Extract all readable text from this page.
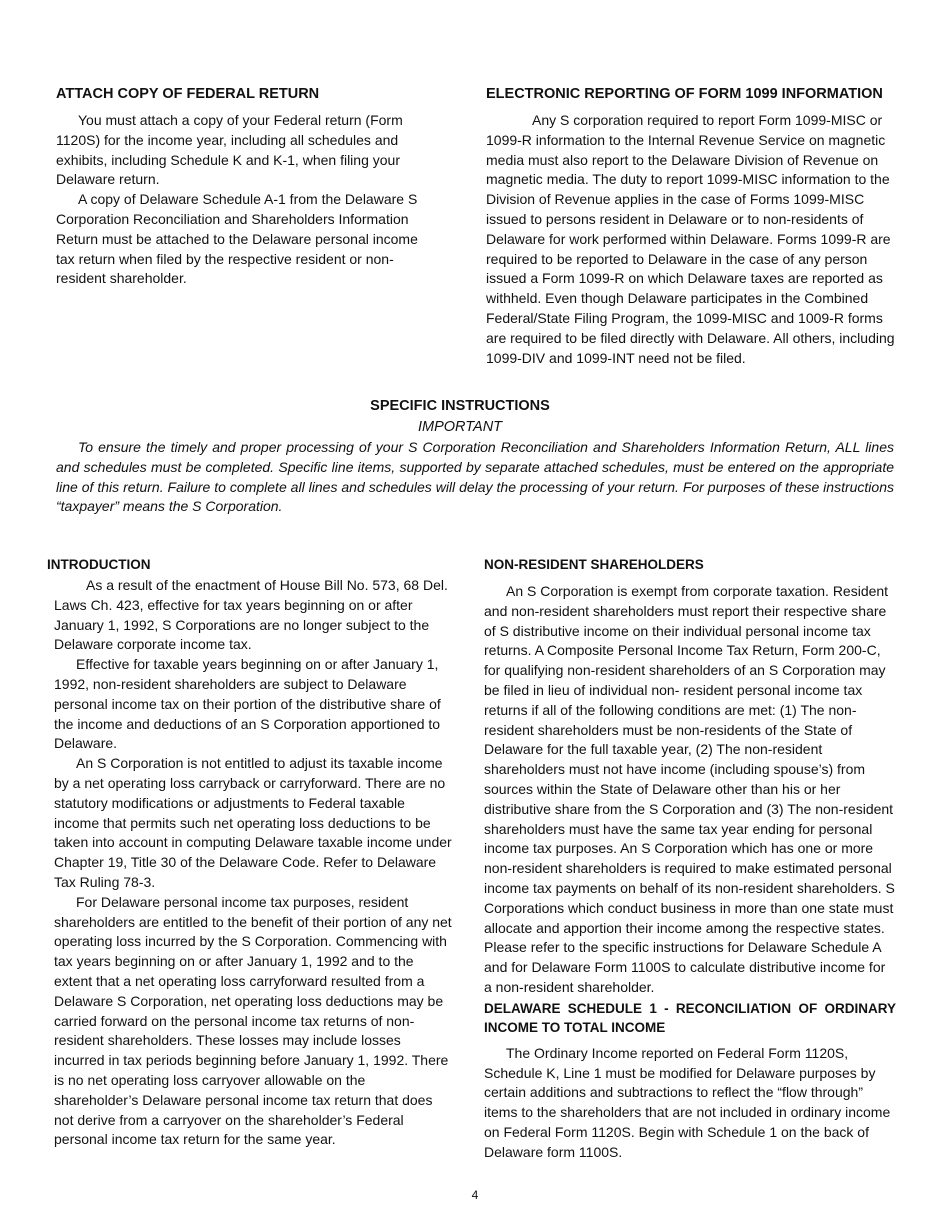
ATTACH COPY OF FEDERAL RETURN

You must attach a copy of your Federal return (Form 1120S) for the income year, including all schedules and exhibits, including Schedule K and K-1, when filing your Delaware return.

A copy of Delaware Schedule A-1 from the Delaware S Corporation Reconciliation and Shareholders Information Return must be attached to the Delaware personal income tax return when filed by the respective resident or non-resident shareholder.

ELECTRONIC REPORTING OF FORM 1099 INFORMATION

Any S corporation required to report Form 1099-MISC or 1099-R information to the Internal Revenue Service on magnetic media must also report to the Delaware Division of Revenue on magnetic media. The duty to report 1099-MISC information to the Division of Revenue applies in the case of Forms 1099-MISC issued to persons resident in Delaware or to non-residents of Delaware for work performed within Delaware. Forms 1099-R are required to be reported to Delaware in the case of any person issued a Form 1099-R on which Delaware taxes are reported as withheld. Even though Delaware participates in the Combined Federal/State Filing Program, the 1099-MISC and 1009-R forms are required to be filed directly with Delaware. All others, including 1099-DIV and 1099-INT need not be filed.

SPECIFIC INSTRUCTIONS
IMPORTANT

To ensure the timely and proper processing of your S Corporation Reconciliation and Shareholders Information Return, ALL lines and schedules must be completed. Specific line items, supported by separate attached schedules, must be entered on the appropriate line of this return. Failure to complete all lines and schedules will delay the processing of your return. For purposes of these instructions “taxpayer” means the S Corporation.

INTRODUCTION

As a result of the enactment of House Bill No. 573, 68 Del. Laws Ch. 423, effective for tax years beginning on or after January 1, 1992, S Corporations are no longer subject to the Delaware corporate income tax.

Effective for taxable years beginning on or after January 1, 1992, non-resident shareholders are subject to Delaware personal income tax on their portion of the distributive share of the income and deductions of an S Corporation apportioned to Delaware.

An S Corporation is not entitled to adjust its taxable income by a net operating loss carryback or carryforward. There are no statutory modifications or adjustments to Federal taxable income that permits such net operating loss deductions to be taken into account in computing Delaware taxable income under Chapter 19, Title 30 of the Delaware Code. Refer to Delaware Tax Ruling 78-3.

For Delaware personal income tax purposes, resident shareholders are entitled to the benefit of their portion of any net operating loss incurred by the S Corporation. Commencing with tax years beginning on or after January 1, 1992 and to the extent that a net operating loss carryforward resulted from a Delaware S Corporation, net operating loss deductions may be carried forward on the personal income tax returns of non-resident shareholders. These losses may include losses incurred in tax periods beginning before January 1, 1992. There is no net operating loss carryover allowable on the shareholder’s Delaware personal income tax return that does not derive from a carryover on the shareholder’s Federal personal income tax return for the same year.

NON-RESIDENT SHAREHOLDERS

An S Corporation is exempt from corporate taxation. Resident and non-resident shareholders must report their respective share of S distributive income on their individual personal income tax returns. A Composite Personal Income Tax Return, Form 200-C, for qualifying non-resident shareholders of an S Corporation may be filed in lieu of individual non- resident personal income tax returns if all of the following conditions are met: (1) The non-resident shareholders must be non-residents of the State of Delaware for the full taxable year, (2) The non-resident shareholders must not have income (including spouse’s) from sources within the State of Delaware other than his or her distributive share from the S Corporation and (3) The non-resident shareholders must have the same tax year ending for personal income tax purposes. An S Corporation which has one or more non-resident shareholders is required to make estimated personal income tax payments on behalf of its non-resident shareholders. S Corporations which conduct business in more than one state must allocate and apportion their income among the respective states. Please refer to the specific instructions for Delaware Schedule A and for Delaware Form 1100S to calculate distributive income for a non-resident shareholder.

DELAWARE SCHEDULE 1 - RECONCILIATION OF ORDINARY INCOME TO TOTAL INCOME

The Ordinary Income reported on Federal Form 1120S, Schedule K, Line 1 must be modified for Delaware purposes by certain additions and subtractions to reflect the “flow through” items to the shareholders that are not included in ordinary income on Federal Form 1120S. Begin with Schedule 1 on the back of Delaware form 1100S.

4
